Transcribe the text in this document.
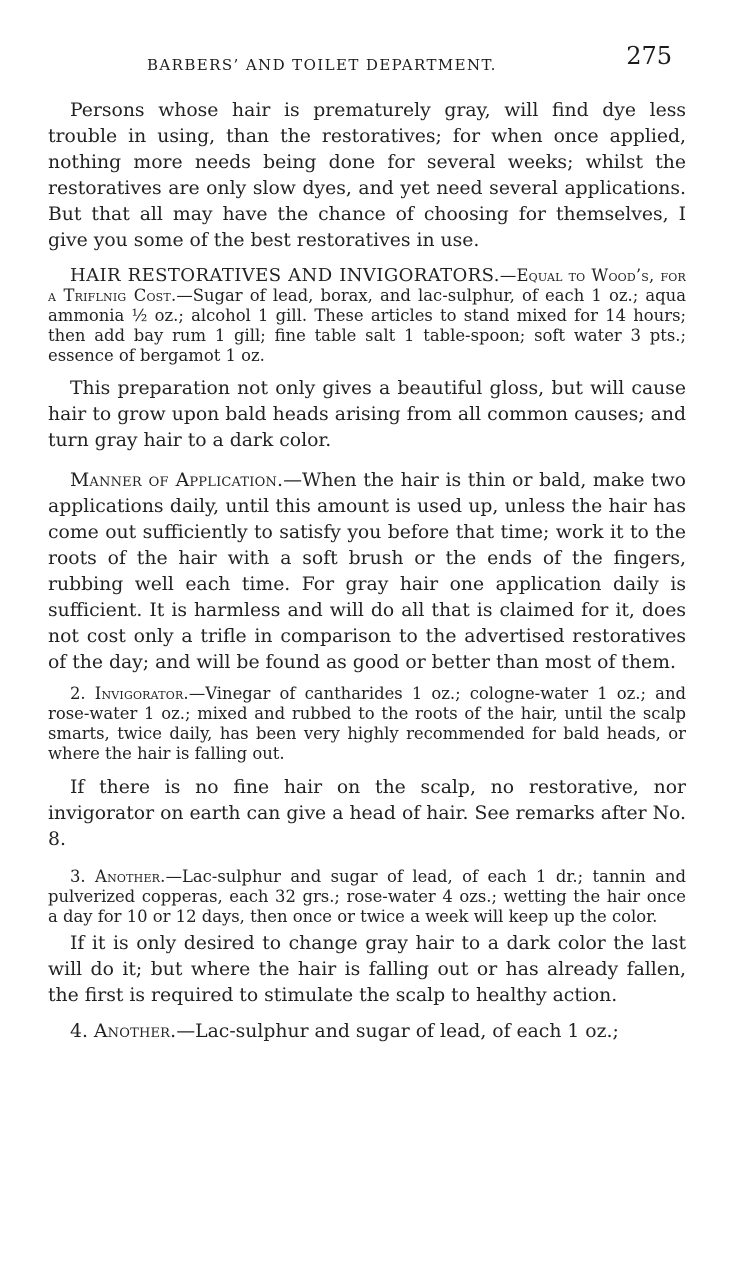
BARBERS’ AND TOILET DEPARTMENT.	275

Persons whose hair is prematurely gray, will find dye less trouble in using, than the restoratives; for when once applied, nothing more needs being done for several weeks; whilst the restoratives are only slow dyes, and yet need several applications. But that all may have the chance of choosing for themselves, I give you some of the best restoratives in use.

HAIR RESTORATIVES AND INVIGORATORS.—Equal to Wood’s, for a Triflnig Cost.—Sugar of lead, borax, and lac-sulphur, of each 1 oz.; aqua ammonia ½ oz.; alcohol 1 gill. These articles to stand mixed for 14 hours; then add bay rum 1 gill; fine table salt 1 table-spoon; soft water 3 pts.; essence of bergamot 1 oz.

This preparation not only gives a beautiful gloss, but will cause hair to grow upon bald heads arising from all common causes; and turn gray hair to a dark color.

Manner of Application.—When the hair is thin or bald, make two applications daily, until this amount is used up, unless the hair has come out sufficiently to satisfy you before that time; work it to the roots of the hair with a soft brush or the ends of the fingers, rubbing well each time. For gray hair one application daily is sufficient. It is harmless and will do all that is claimed for it, does not cost only a trifle in comparison to the advertised restoratives of the day; and will be found as good or better than most of them.

2. Invigorator.—Vinegar of cantharides 1 oz.; cologne-water 1 oz.; and rose-water 1 oz.; mixed and rubbed to the roots of the hair, until the scalp smarts, twice daily, has been very highly recommended for bald heads, or where the hair is falling out.

If there is no fine hair on the scalp, no restorative, nor invigorator on earth can give a head of hair. See remarks after No. 8.

3. Another.—Lac-sulphur and sugar of lead, of each 1 dr.; tannin and pulverized copperas, each 32 grs.; rose-water 4 ozs.; wetting the hair once a day for 10 or 12 days, then once or twice a week will keep up the color.

If it is only desired to change gray hair to a dark color the last will do it; but where the hair is falling out or has already fallen, the first is required to stimulate the scalp to healthy action.

4. Another.—Lac-sulphur and sugar of lead, of each 1 oz.;
